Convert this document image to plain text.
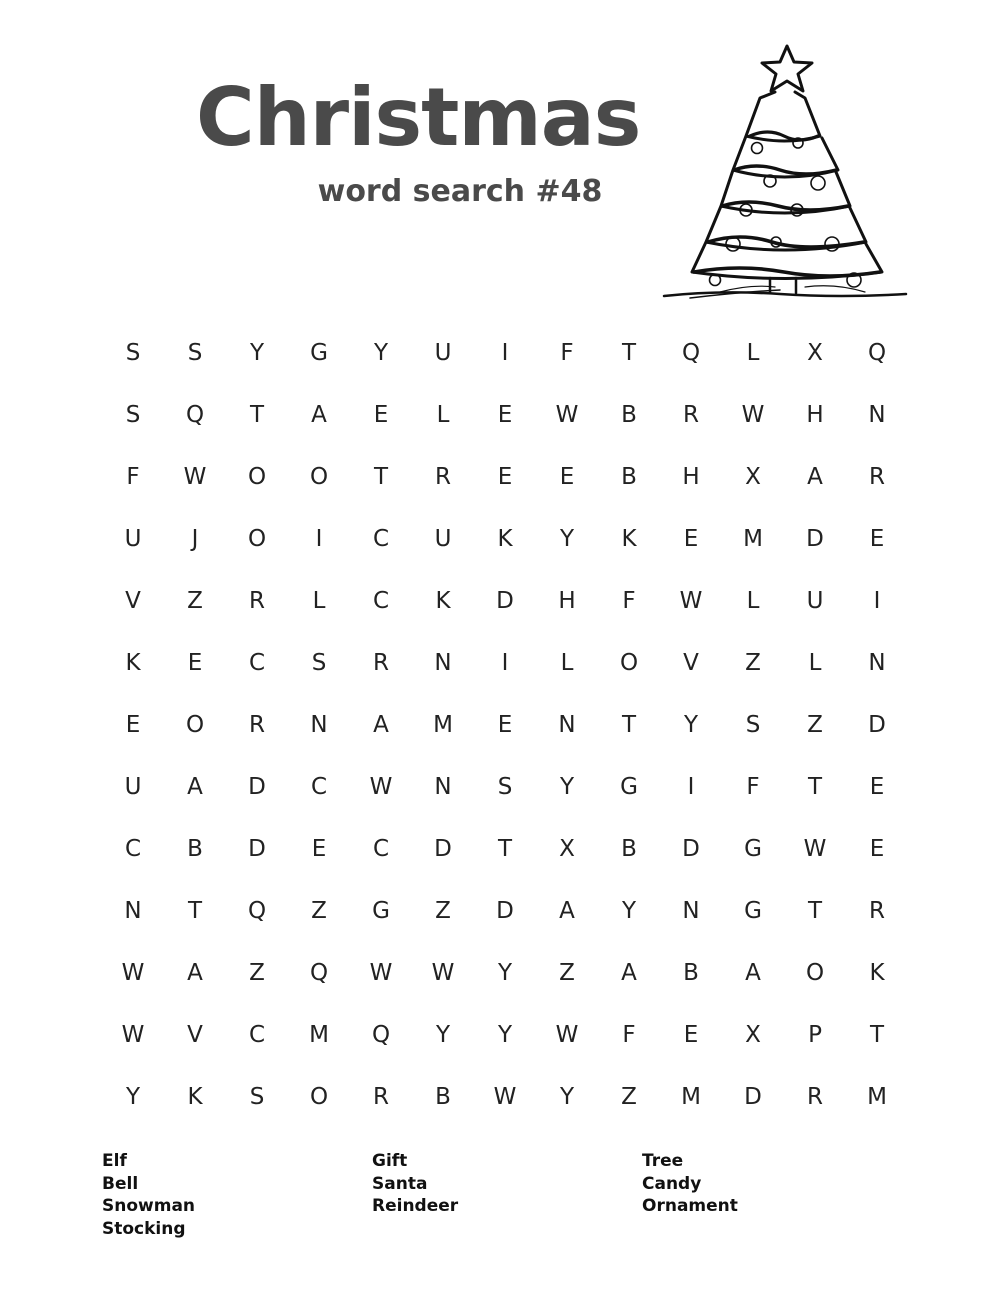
Christmas
word search #48
S	S	Y	G	Y	U	I	F	T	Q	L	X	Q
S	Q	T	A	E	L	E	W	B	R	W	H	N
F	W	O	O	T	R	E	E	B	H	X	A	R
U	J	O	I	C	U	K	Y	K	E	M	D	E
V	Z	R	L	C	K	D	H	F	W	L	U	I
K	E	C	S	R	N	I	L	O	V	Z	L	N
E	O	R	N	A	M	E	N	T	Y	S	Z	D
U	A	D	C	W	N	S	Y	G	I	F	T	E
C	B	D	E	C	D	T	X	B	D	G	W	E
N	T	Q	Z	G	Z	D	A	Y	N	G	T	R
W	A	Z	Q	W	W	Y	Z	A	B	A	O	K
W	V	C	M	Q	Y	Y	W	F	E	X	P	T
Y	K	S	O	R	B	W	Y	Z	M	D	R	M
Elf
Bell
Snowman
Stocking
Gift
Santa
Reindeer
Tree
Candy
Ornament
